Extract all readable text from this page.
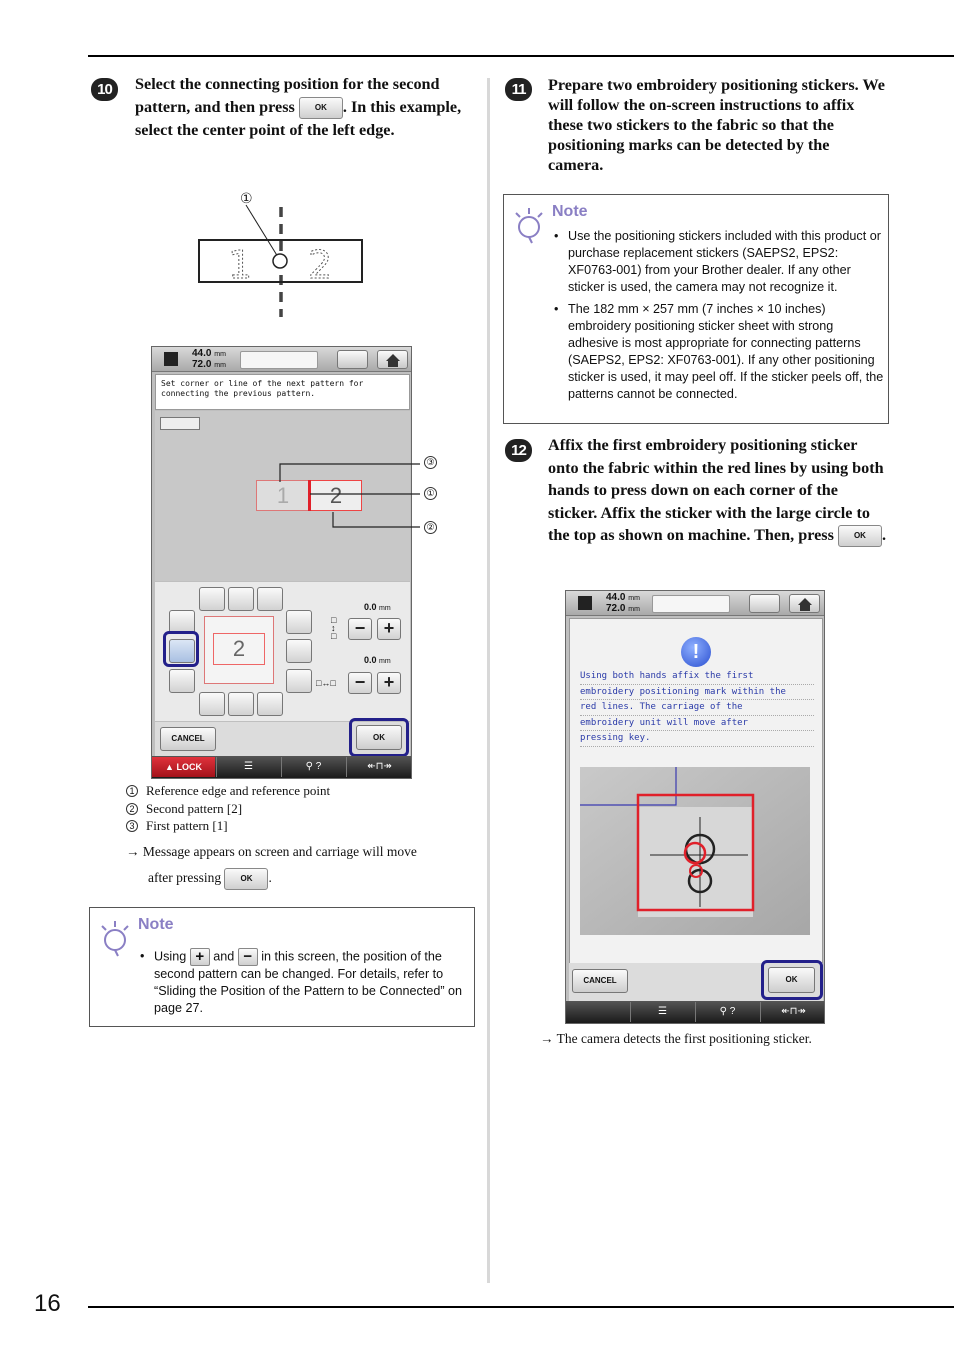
16
10	Select the connecting position for the second pattern, and then press	OK . In this example, select the center point of the left edge.
①
1 2
44.0 mm
72.0 mm
Set corner or line of the next pattern for connecting the previous pattern.
1	2
2
□
↕
□
0.0 mm
−	+
□↔□
0.0 mm
−	+
CANCEL	OK
▲ LOCK	☰	⚲ ?	↞⊓↠
③
①
②
1 Reference edge and reference point
2 Second pattern [2]
3 First pattern [1]
→ Message appears on screen and carriage will move
after pressing OK .
Note
• Using + and − in this screen, the position of the second pattern can be changed. For details, refer to “Sliding the Position of the Pattern to be Connected” on page 27.
11	Prepare two embroidery positioning stickers. We will follow the on-screen instructions to affix these two stickers to the fabric so that the positioning marks can be detected by the camera.
Note
• Use the positioning stickers included with this product or purchase replacement stickers (SAEPS2, EPS2: XF0763-001) from your Brother dealer. If any other sticker is used, the camera may not recognize it.
• The 182 mm × 257 mm (7 inches × 10 inches) embroidery positioning sticker sheet with strong adhesive is most appropriate for connecting patterns (SAEPS2, EPS2: XF0763-001). If any other positioning sticker is used, it may peel off. If the sticker peels off, the patterns cannot be connected.
12	Affix the first embroidery positioning sticker onto the fabric within the red lines by using both hands to press down on each corner of the sticker. Affix the sticker with the large circle to the top as shown on machine. Then, press	OK .
44.0 mm
72.0 mm
!
Using both hands affix the first
embroidery positioning mark within the
red lines. The carriage of the
embroidery unit will move after
pressing key.
CANCEL	OK
☰	⚲ ?	↞⊓↠
→ The camera detects the first positioning sticker.
